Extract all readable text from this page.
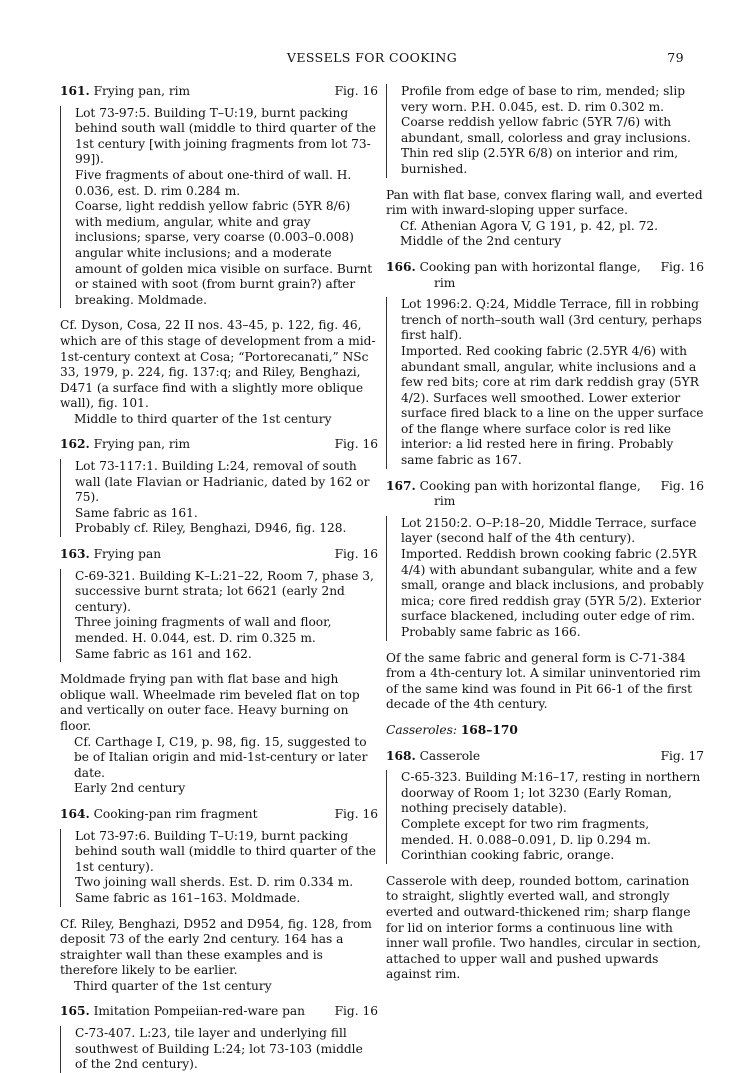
VESSELS FOR COOKING	79
161. Frying pan, rim	Fig. 16

Lot 73-97:5. Building T–U:19, burnt packing behind south wall (middle to third quarter of the 1st century [with joining fragments from lot 73-99]).

Five fragments of about one-third of wall. H. 0.036, est. D. rim 0.284 m.

Coarse, light reddish yellow fabric (5YR 8/6) with medium, angular, white and gray inclusions; sparse, very coarse (0.003–0.008) angular white inclusions; and a moderate amount of golden mica visible on surface. Burnt or stained with soot (from burnt grain?) after breaking. Moldmade.

Cf. Dyson, Cosa, 22 II nos. 43–45, p. 122, fig. 46, which are of this stage of development from a mid-1st-century context at Cosa; “Portorecanati,” NSc 33, 1979, p. 224, fig. 137:q; and Riley, Benghazi, D471 (a surface find with a slightly more oblique wall), fig. 101.

Middle to third quarter of the 1st century

162. Frying pan, rim	Fig. 16

Lot 73-117:1. Building L:24, removal of south wall (late Flavian or Hadrianic, dated by 162 or 75).

Same fabric as 161.

Probably cf. Riley, Benghazi, D946, fig. 128.

163. Frying pan	Fig. 16

C-69-321. Building K–L:21–22, Room 7, phase 3, successive burnt strata; lot 6621 (early 2nd century).

Three joining fragments of wall and floor, mended. H. 0.044, est. D. rim 0.325 m.

Same fabric as 161 and 162.

Moldmade frying pan with flat base and high oblique wall. Wheelmade rim beveled flat on top and vertically on outer face. Heavy burning on floor.

Cf. Carthage I, C19, p. 98, fig. 15, suggested to be of Italian origin and mid-1st-century or later date.

Early 2nd century

164. Cooking-pan rim fragment	Fig. 16

Lot 73-97:6. Building T–U:19, burnt packing behind south wall (middle to third quarter of the 1st century).

Two joining wall sherds. Est. D. rim 0.334 m.

Same fabric as 161–163. Moldmade.

Cf. Riley, Benghazi, D952 and D954, fig. 128, from deposit 73 of the early 2nd century. 164 has a straighter wall than these examples and is therefore likely to be earlier.

Third quarter of the 1st century

165. Imitation Pompeiian-red-ware pan Fig. 16

C-73-407. L:23, tile layer and underlying fill southwest of Building L:24; lot 73-103 (middle of the 2nd century).

Profile from edge of base to rim, mended; slip very worn. P.H. 0.045, est. D. rim 0.302 m.

Coarse reddish yellow fabric (5YR 7/6) with abundant, small, colorless and gray inclusions. Thin red slip (2.5YR 6/8) on interior and rim, burnished.

Pan with flat base, convex flaring wall, and everted rim with inward-sloping upper surface.

Cf. Athenian Agora V, G 191, p. 42, pl. 72.

Middle of the 2nd century

166. Cooking pan with horizontal flange,
rim
Fig. 16

Lot 1996:2. Q:24, Middle Terrace, fill in robbing trench of north–south wall (3rd century, perhaps first half).

Imported. Red cooking fabric (2.5YR 4/6) with abundant small, angular, white inclusions and a few red bits; core at rim dark reddish gray (5YR 4/2). Surfaces well smoothed. Lower exterior surface fired black to a line on the upper surface of the flange where surface color is red like interior: a lid rested here in firing. Probably same fabric as 167.

167. Cooking pan with horizontal flange,
rim
Fig. 16

Lot 2150:2. O–P:18–20, Middle Terrace, surface layer (second half of the 4th century).

Imported. Reddish brown cooking fabric (2.5YR 4/4) with abundant subangular, white and a few small, orange and black inclusions, and probably mica; core fired reddish gray (5YR 5/2). Exterior surface blackened, including outer edge of rim. Probably same fabric as 166.

Of the same fabric and general form is C-71-384 from a 4th-century lot. A similar uninventoried rim of the same kind was found in Pit 66-1 of the first decade of the 4th century.

Casseroles: 168–170
168. Casserole	Fig. 17

C-65-323. Building M:16–17, resting in northern doorway of Room 1; lot 3230 (Early Roman, nothing precisely datable).

Complete except for two rim fragments, mended. H. 0.088–0.091, D. lip 0.294 m.

Corinthian cooking fabric, orange.

Casserole with deep, rounded bottom, carination to straight, slightly everted wall, and strongly everted and outward-thickened rim; sharp flange for lid on interior forms a continuous line with inner wall profile. Two handles, circular in section, attached to upper wall and pushed upwards against rim.
